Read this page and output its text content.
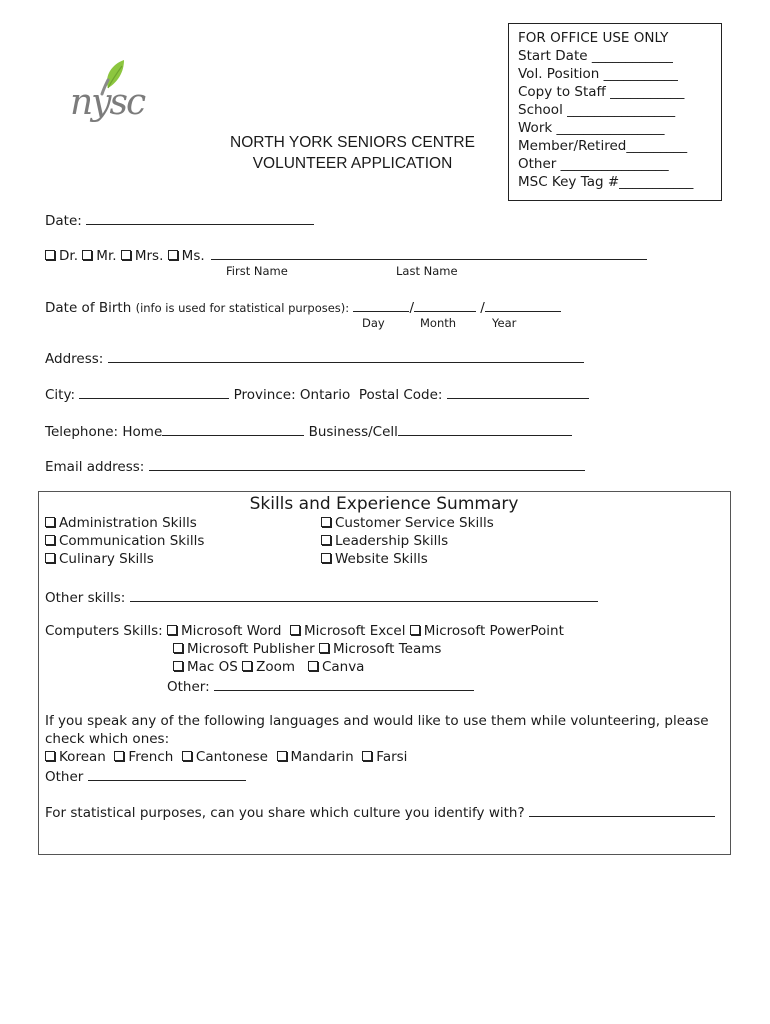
nysc
FOR OFFICE USE ONLY
Start Date ____________
Vol. Position ___________
Copy to Staff ___________
School ________________
Work ________________
Member/Retired_________
Other ________________
MSC Key Tag #___________
NORTH YORK SENIORS CENTRE
VOLUNTEER APPLICATION
Date:
Dr. Mr. Mrs. Ms.
First Name	Last Name
Date of Birth (info is used for statistical purposes):	/	/
Day	Month	Year
Address:
City:	Province: Ontario Postal Code:
Telephone: Home	Business/Cell
Email address:
Skills and Experience Summary
Administration Skills
Communication Skills
Culinary Skills
Customer Service Skills
Leadership Skills
Website Skills
Other skills:
Computers Skills: Microsoft Word Microsoft Excel Microsoft PowerPoint
Microsoft Publisher Microsoft Teams
Mac OS Zoom Canva
Other:
If you speak any of the following languages and would like to use them while volunteering, please
check which ones:
Korean French Cantonese Mandarin Farsi
Other
For statistical purposes, can you share which culture you identify with?
